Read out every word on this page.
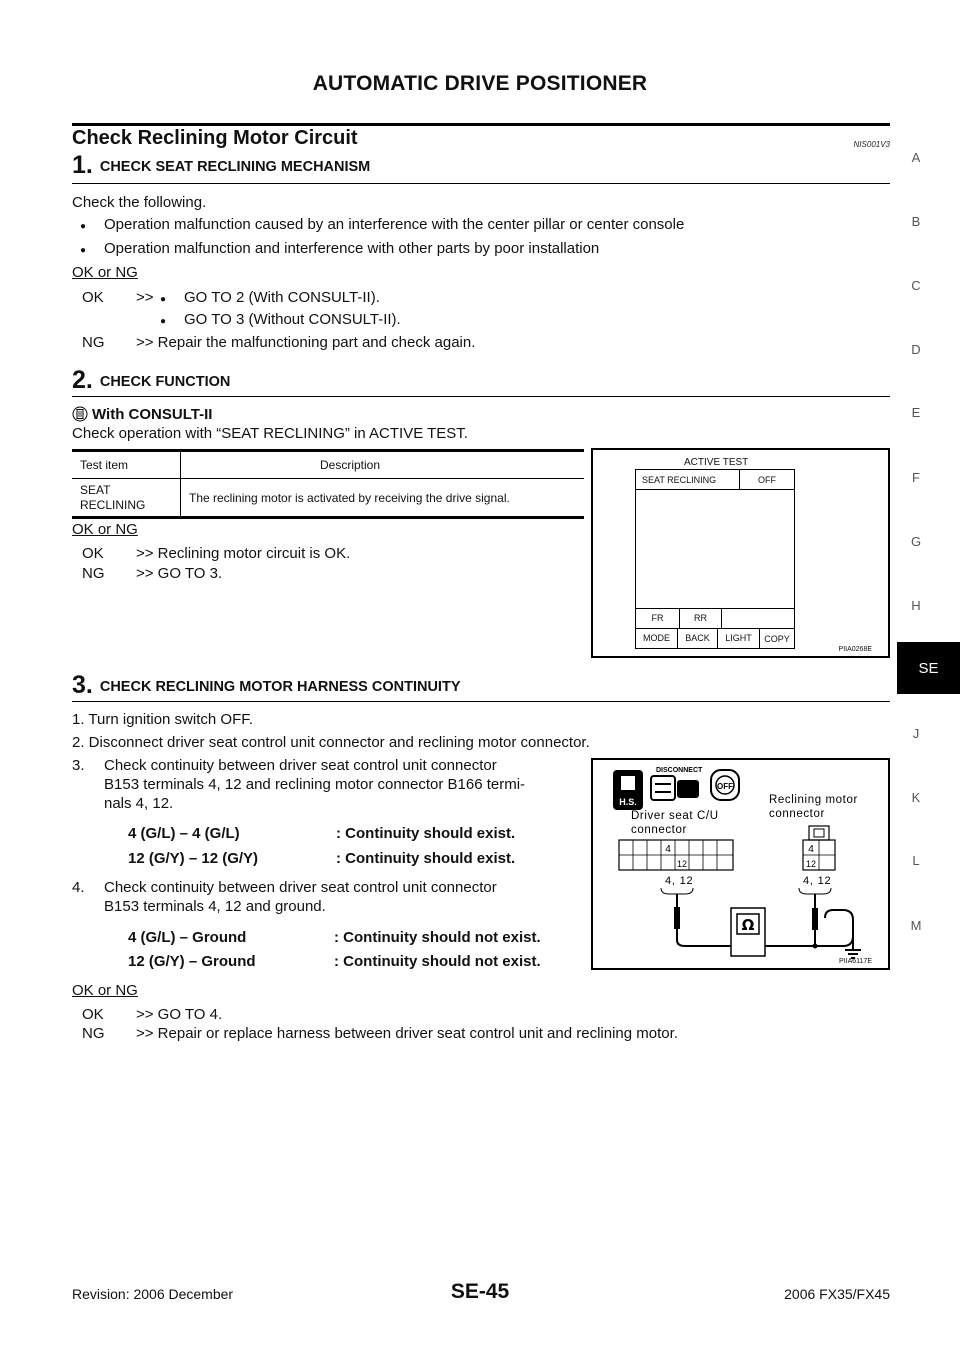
AUTOMATIC DRIVE POSITIONER
Check Reclining Motor Circuit	NIS001V3
A
B
C
D
E
F
G
H
SE
J
K
L
M
1. CHECK SEAT RECLINING MECHANISM
Check the following.
● Operation malfunction caused by an interference with the center pillar or center console
● Operation malfunction and interference with other parts by poor installation
OK or NG
OK >>
● GO TO 2 (With CONSULT-II).
● GO TO 3 (Without CONSULT-II).
NG >> Repair the malfunctioning part and check again.
2. CHECK FUNCTION
With CONSULT-II
Check operation with “SEAT RECLINING” in ACTIVE TEST.
Test item	Description
SEAT
RECLINING	The reclining motor is activated by receiving the drive signal.
OK or NG
OK >> Reclining motor circuit is OK.
NG >> GO TO 3.
ACTIVE TEST
SEAT RECLINING	OFF
FR	RR
MODE	BACK	LIGHT	COPY
PIIA0268E
3. CHECK RECLINING MOTOR HARNESS CONTINUITY
1. Turn ignition switch OFF.
2. Disconnect driver seat control unit connector and reclining motor connector.
3. Check continuity between driver seat control unit connector
B153 terminals 4, 12 and reclining motor connector B166 termi-
nals 4, 12.
4 (G/L) – 4 (G/L)	: Continuity should exist.
12 (G/Y) – 12 (G/Y)	: Continuity should exist.
4. Check continuity between driver seat control unit connector
B153 terminals 4, 12 and ground.
4 (G/L) – Ground	: Continuity should not exist.
12 (G/Y) – Ground	: Continuity should not exist.
OK or NG
OK >> GO TO 4.
NG >> Repair or replace harness between driver seat control unit and reclining motor.
H.S.
DISCONNECT
OFF
Driver seat C/U
connector
Reclining motor
connector
4
12
4
12
4, 12	4, 12
Ω
PIIA6117E
Revision: 2006 December	SE-45	2006 FX35/FX45
